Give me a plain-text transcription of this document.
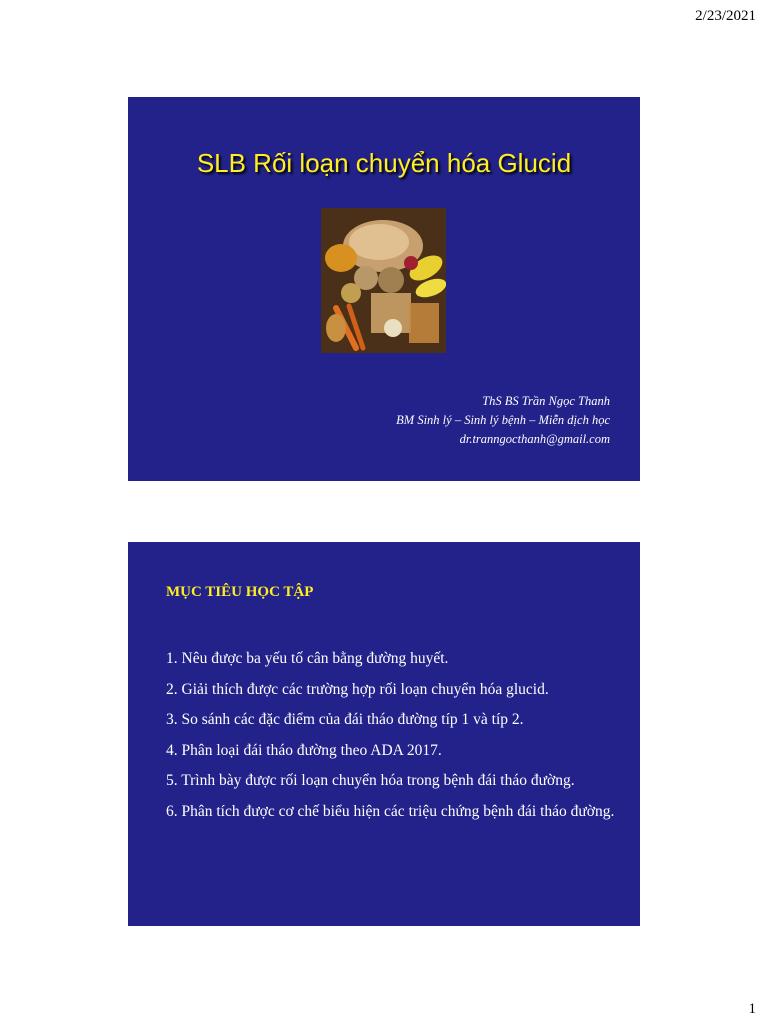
2/23/2021
SLB Rối loạn chuyển hóa Glucid
ThS BS Trần Ngọc Thanh
BM Sinh lý – Sinh lý bệnh – Miễn dịch học
dr.tranngocthanh@gmail.com
MỤC TIÊU HỌC TẬP
1. Nêu được ba yếu tố cân bằng đường huyết.
2. Giải thích được các trường hợp rối loạn chuyển hóa glucid.
3. So sánh các đặc điểm của đái tháo đường típ 1 và típ 2.
4. Phân loại đái tháo đường theo ADA 2017.
5. Trình bày được rối loạn chuyển hóa trong bệnh đái tháo đường.
6. Phân tích được cơ chế biểu hiện các triệu chứng bệnh đái tháo đường.
1
